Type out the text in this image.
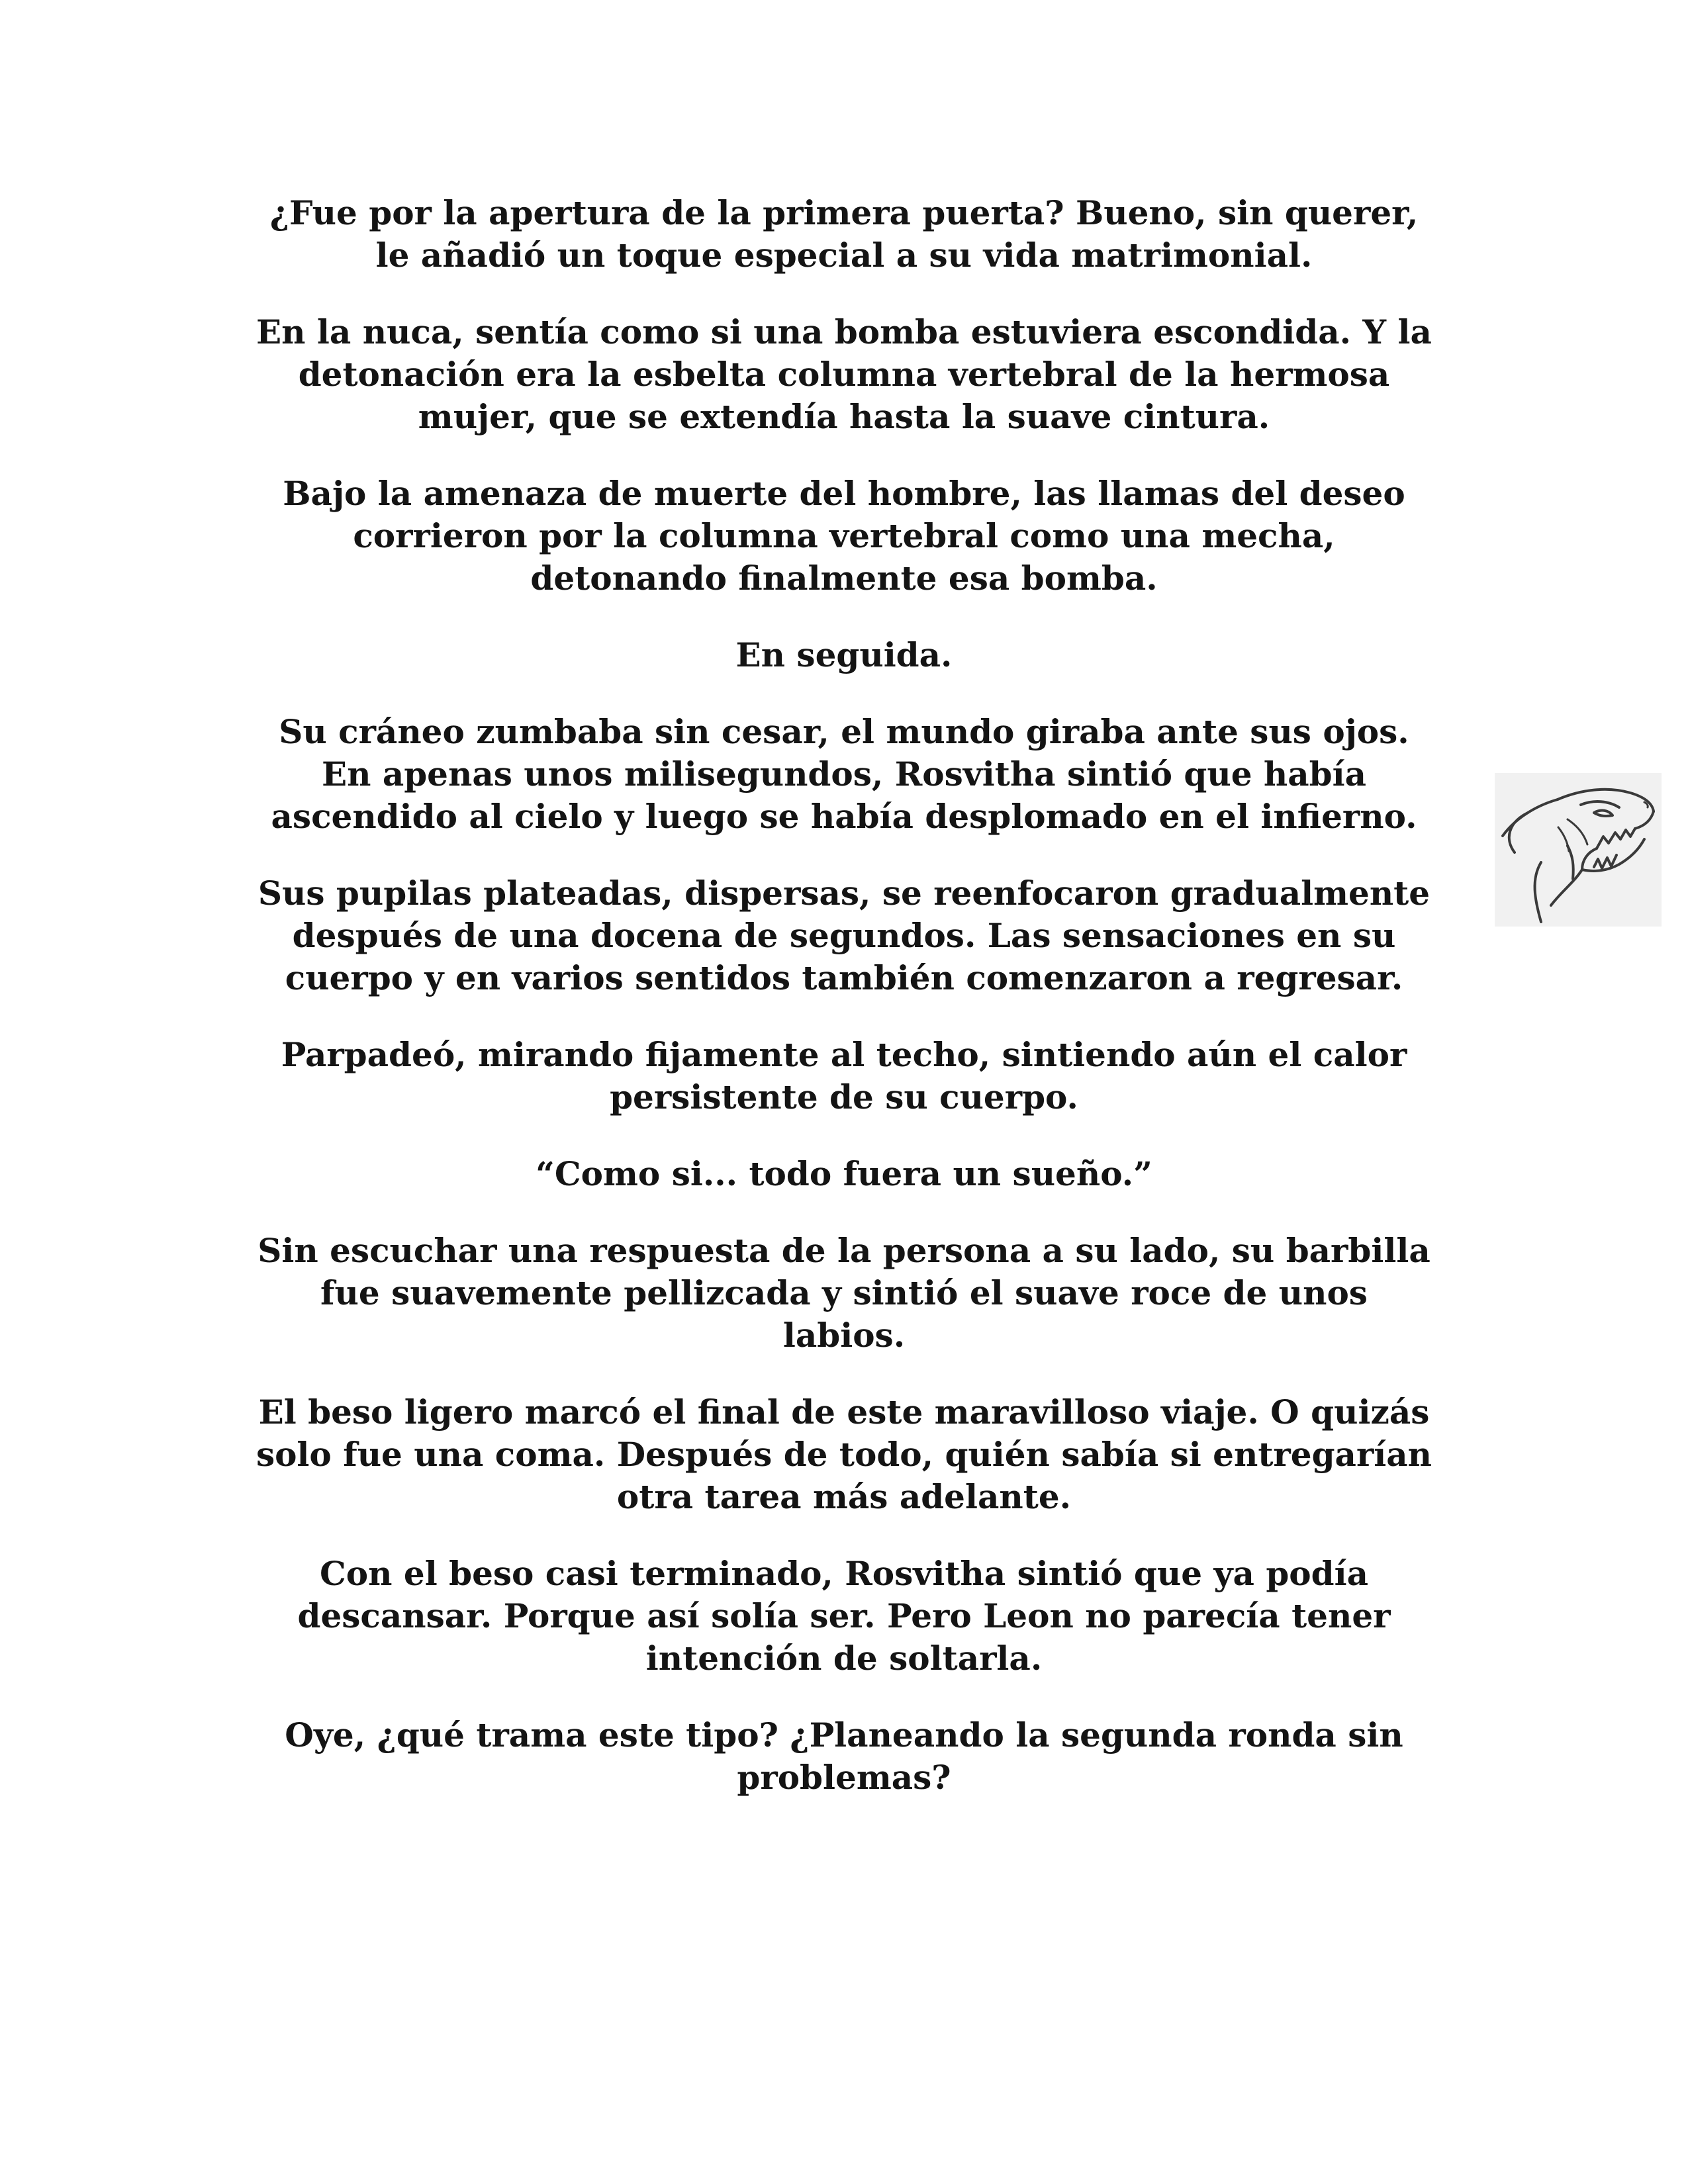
¿Fue por la apertura de la primera puerta? Bueno, sin querer,
le añadió un toque especial a su vida matrimonial.

En la nuca, sentía como si una bomba estuviera escondida. Y la
detonación era la esbelta columna vertebral de la hermosa
mujer, que se extendía hasta la suave cintura.

Bajo la amenaza de muerte del hombre, las llamas del deseo
corrieron por la columna vertebral como una mecha,
detonando finalmente esa bomba.

En seguida.

Su cráneo zumbaba sin cesar, el mundo giraba ante sus ojos.
En apenas unos milisegundos, Rosvitha sintió que había
ascendido al cielo y luego se había desplomado en el infierno.

Sus pupilas plateadas, dispersas, se reenfocaron gradualmente
después de una docena de segundos. Las sensaciones en su
cuerpo y en varios sentidos también comenzaron a regresar.

Parpadeó, mirando fijamente al techo, sintiendo aún el calor
persistente de su cuerpo.

“Como si... todo fuera un sueño.”

Sin escuchar una respuesta de la persona a su lado, su barbilla
fue suavemente pellizcada y sintió el suave roce de unos
labios.

El beso ligero marcó el final de este maravilloso viaje. O quizás
solo fue una coma. Después de todo, quién sabía si entregarían
otra tarea más adelante.

Con el beso casi terminado, Rosvitha sintió que ya podía
descansar. Porque así solía ser. Pero Leon no parecía tener
intención de soltarla.

Oye, ¿qué trama este tipo? ¿Planeando la segunda ronda sin
problemas?
